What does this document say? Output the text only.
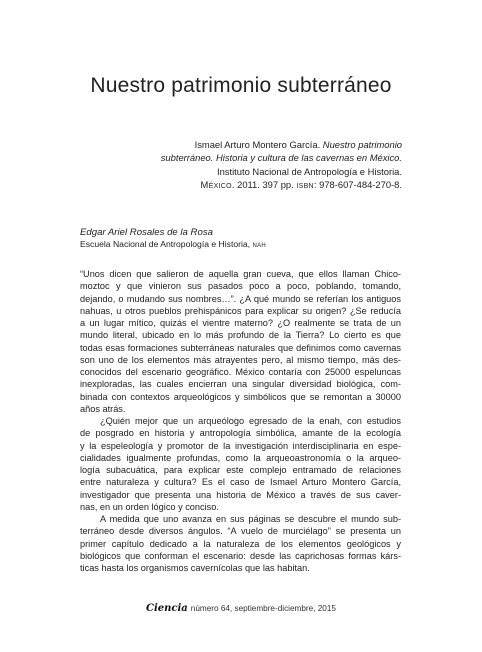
Nuestro patrimonio subterráneo
Ismael Arturo Montero García. Nuestro patrimonio
subterráneo. Historia y cultura de las cavernas en México.
Instituto Nacional de Antropología e Historia.
México. 2011. 397 pp. isbn: 978-607-484-270-8.
Edgar Ariel Rosales de la Rosa
Escuela Nacional de Antropología e Historia, nah
“Unos dicen que salieron de aquella gran cueva, que ellos llaman Chico-
moztoc y que vinieron sus pasados poco a poco, poblando, tomando,
dejando, o mudando sus nombres…”. ¿A qué mundo se referían los antiguos
nahuas, u otros pueblos prehispánicos para explicar su origen? ¿Se reducía
a un lugar mítico, quizás el vientre materno? ¿O realmente se trata de un
mundo literal, ubicado en lo más profundo de la Tierra? Lo cierto es que
todas esas formaciones subterráneas naturales que definimos como cavernas
son uno de los elementos más atrayentes pero, al mismo tiempo, más des-
conocidos del escenario geográfico. México contaría con 25000 espeluncas
inexploradas, las cuales encierran una singular diversidad biológica, com-
binada con contextos arqueológicos y simbólicos que se remontan a 30000
años atrás.
¿Quién mejor que un arqueólogo egresado de la enah, con estudios
de posgrado en historia y antropología simbólica, amante de la ecología
y la espeleología y promotor de la investigación interdisciplinaria en espe-
cialidades igualmente profundas, como la arqueoastronomía o la arqueo-
logía subacuática, para explicar este complejo entramado de relaciones
entre naturaleza y cultura? Es el caso de Ismael Arturo Montero García,
investigador que presenta una historia de México a través de sus caver-
nas, en un orden lógico y conciso.
A medida que uno avanza en sus páginas se descubre el mundo sub-
terráneo desde diversos ángulos. “A vuelo de murciélago” se presenta un
primer capítulo dedicado a la naturaleza de los elementos geológicos y
biológicos que conforman el escenario: desde las caprichosas formas kárs-
ticas hasta los organismos cavernícolas que las habitan.
Ciencia número 64, septiembre-diciembre, 2015
